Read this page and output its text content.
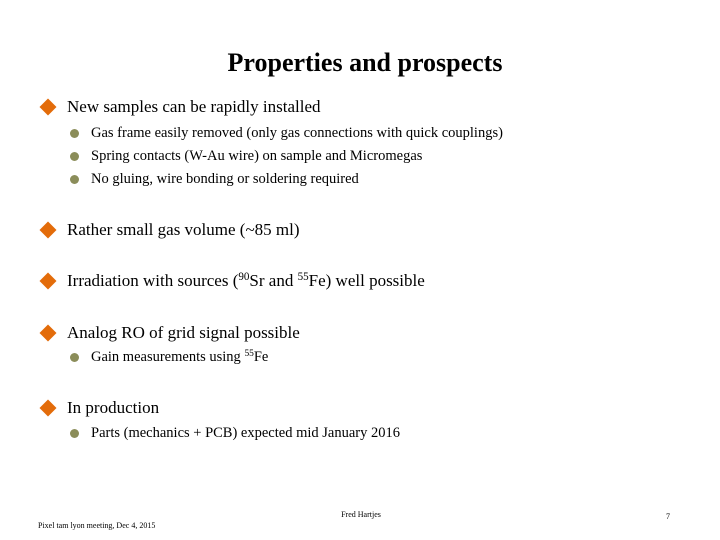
Properties and prospects
New samples can be rapidly installed
Gas frame easily removed (only gas connections with quick couplings)
Spring contacts (W-Au wire) on sample and Micromegas
No gluing, wire bonding or soldering required
Rather small gas volume (~85 ml)
Irradiation with sources ($^{90}$Sr and $^{55}$Fe) well possible
Analog RO of grid signal possible
Gain measurements using $^{55}$Fe
In production
Parts (mechanics + PCB) expected mid January 2016
Fred Hartjes
Pixel tam lyon meeting, Dec 4, 2015
7
